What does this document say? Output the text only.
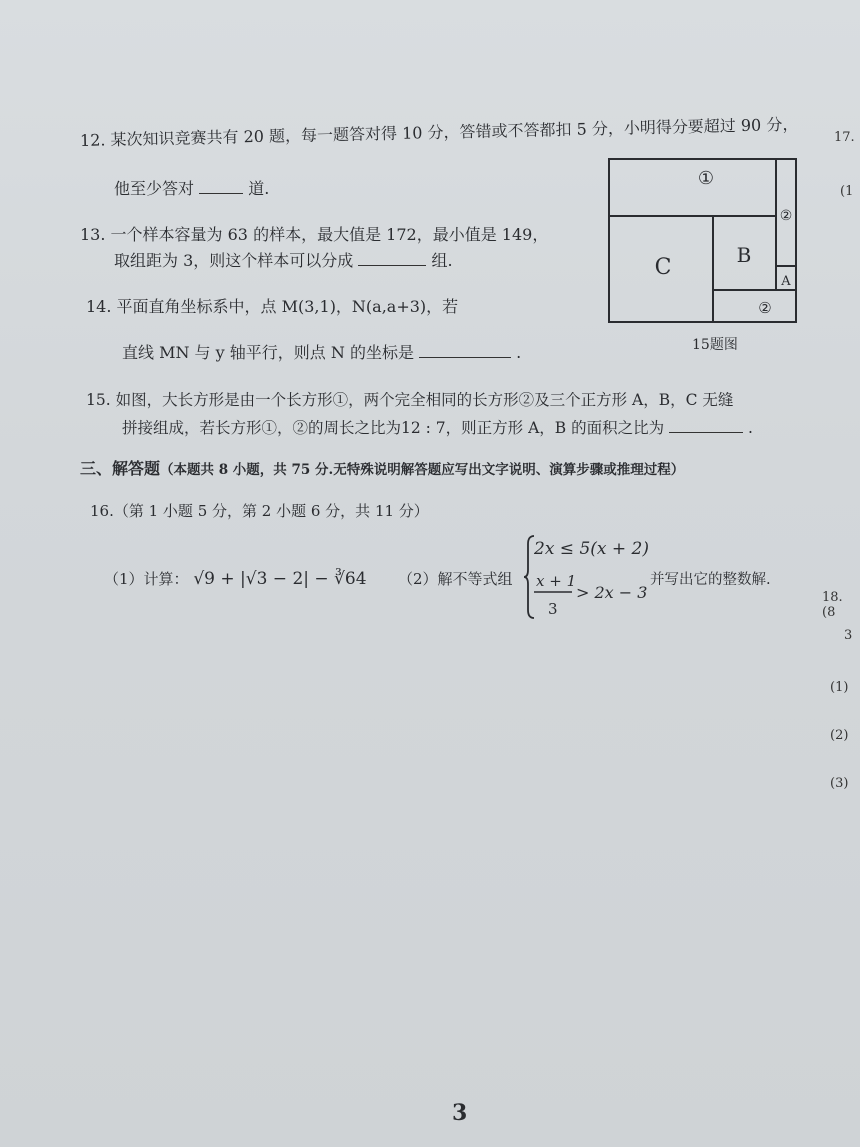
12. 某次知识竞赛共有 20 题，每一题答对得 10 分，答错或不答都扣 5 分，小明得分要超过 90 分，
他至少答对	道.
13. 一个样本容量为 63 的样本，最大值是 172，最小值是 149，
取组距为 3，则这个样本可以分成	组.
14. 平面直角坐标系中，点 M(3,1)，N(a,a+3)，若
直线 MN 与 y 轴平行，则点 N 的坐标是	.
①
②
C	B
A
②
15题图
15. 如图，大长方形是由一个长方形①，两个完全相同的长方形②及三个正方形 A，B，C 无缝
拼接组成，若长方形①，②的周长之比为12 : 7，则正方形 A，B 的面积之比为	.
三、解答题（本题共 8 小题，共 75 分.无特殊说明解答题应写出文字说明、演算步骤或推理过程）
16.（第 1 小题 5 分，第 2 小题 6 分，共 11 分）
（1）计算： √9 + |√3 − 2| − ∛64 （2）解不等式组
2x ≤ 5(x + 2)
x + 1
3
> 2x − 3
并写出它的整数解.
17.
(1
18. (8
3
(1)
(2)
(3)
3
